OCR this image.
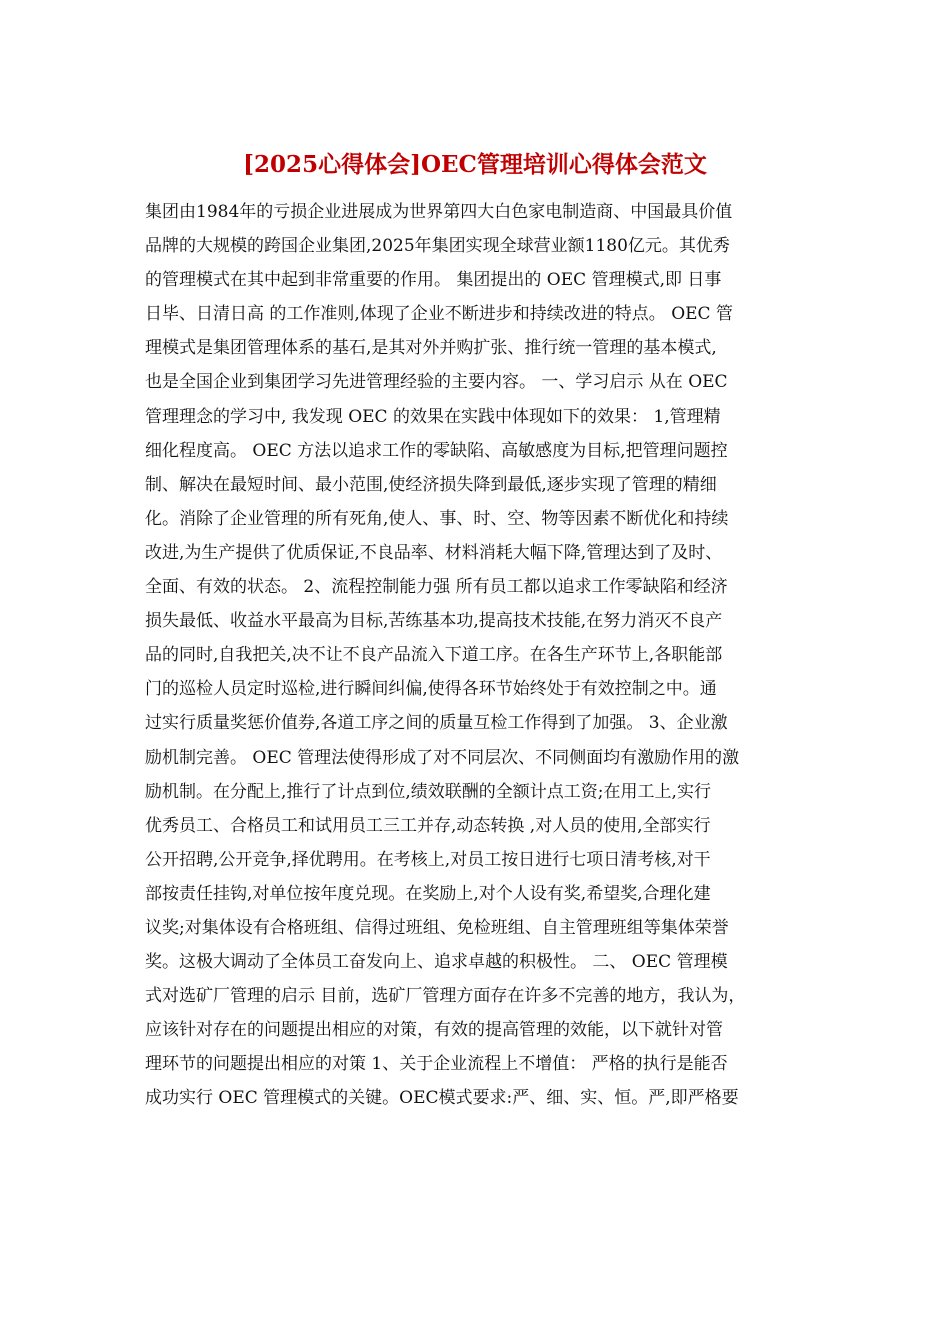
[2025心得体会]OEC管理培训心得体会范文
集团由1984年的亏损企业进展成为世界第四大白色家电制造商、中国最具价值
品牌的大规模的跨国企业集团,2025年集团实现全球营业额1180亿元。其优秀
的管理模式在其中起到非常重要的作用。 集团提出的 OEC 管理模式,即 日事
日毕、日清日高 的工作准则,体现了企业不断进步和持续改进的特点。 OEC 管
理模式是集团管理体系的基石,是其对外并购扩张、推行统一管理的基本模式,
也是全国企业到集团学习先进管理经验的主要内容。 一、学习启示 从在 OEC
管理理念的学习中, 我发现 OEC 的效果在实践中体现如下的效果： 1,管理精
细化程度高。 OEC 方法以追求工作的零缺陷、高敏感度为目标,把管理问题控
制、解决在最短时间、最小范围,使经济损失降到最低,逐步实现了管理的精细
化。消除了企业管理的所有死角,使人、事、时、空、物等因素不断优化和持续
改进,为生产提供了优质保证,不良品率、材料消耗大幅下降,管理达到了及时、
全面、有效的状态。 2、流程控制能力强 所有员工都以追求工作零缺陷和经济
损失最低、收益水平最高为目标,苦练基本功,提高技术技能,在努力消灭不良产
品的同时,自我把关,决不让不良产品流入下道工序。在各生产环节上,各职能部
门的巡检人员定时巡检,进行瞬间纠偏,使得各环节始终处于有效控制之中。通
过实行质量奖惩价值券,各道工序之间的质量互检工作得到了加强。 3、企业激
励机制完善。 OEC 管理法使得形成了对不同层次、不同侧面均有激励作用的激
励机制。在分配上,推行了计点到位,绩效联酬的全额计点工资;在用工上,实行
优秀员工、合格员工和试用员工三工并存,动态转换 ,对人员的使用,全部实行
公开招聘,公开竞争,择优聘用。在考核上,对员工按日进行七项日清考核,对干
部按责任挂钩,对单位按年度兑现。在奖励上,对个人设有奖,希望奖,合理化建
议奖;对集体设有合格班组、信得过班组、免检班组、自主管理班组等集体荣誉
奖。这极大调动了全体员工奋发向上、追求卓越的积极性。 二、 OEC 管理模
式对选矿厂管理的启示 目前，选矿厂管理方面存在许多不完善的地方，我认为，
应该针对存在的问题提出相应的对策，有效的提高管理的效能，以下就针对管
理环节的问题提出相应的对策 1、关于企业流程上不增值： 严格的执行是能否
成功实行 OEC 管理模式的关键。OEC模式要求:严、细、实、恒。严,即严格要
